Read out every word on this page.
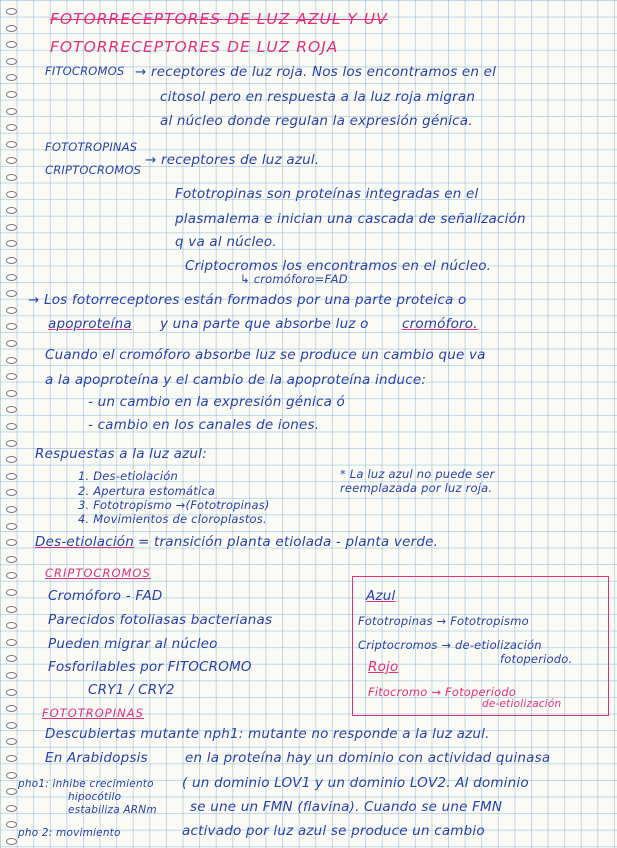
FOTORRECEPTORES DE LUZ AZUL Y UV
FOTORRECEPTORES DE LUZ ROJA
FITOCROMOS → receptores de luz roja. Nos los encontramos en el
citosol pero en respuesta a la luz roja migran
al núcleo donde regulan la expresión génica.
FOTOTROPINAS
CRIPTOCROMOS
→ receptores de luz azul.
Fototropinas son proteínas integradas en el
plasmalema e inician una cascada de señalización
q va al núcleo.
Criptocromos los encontramos en el núcleo.
↳ cromóforo=FAD
→ Los fotorreceptores están formados por una parte proteica o
apoproteína y una parte que absorbe luz o cromóforo.
Cuando el cromóforo absorbe luz se produce un cambio que va
a la apoproteína y el cambio de la apoproteína induce:
- un cambio en la expresión génica ó
- cambio en los canales de iones.
Respuestas a la luz azul:
1. Des-etiolación
2. Apertura estomática
3. Fototropismo →(Fototropinas)
4. Movimientos de cloroplastos.
* La luz azul no puede ser
reemplazada por luz roja.
Des-etiolación = transición planta etiolada - planta verde.
CRIPTOCROMOS
Cromóforo - FAD
Parecidos fotoliasas bacterianas
Pueden migrar al núcleo
Fosforilables por FITOCROMO
CRY1 / CRY2
Azul
Fototropinas → Fototropismo
Criptocromos → de-etiolización
fotoperiodo.
Rojo
Fitocromo → Fotoperiodo
de-etiolización
FOTOTROPINAS
Descubiertas mutante nph1: mutante no responde a la luz azul.
En Arabidopsis	en la proteína hay un dominio con actividad quinasa
( un dominio LOV1 y un dominio LOV2. Al dominio
se une un FMN (flavina). Cuando se une FMN
activado por luz azul se produce un cambio
pho1: inhibe crecimiento
hipocótilo
estabiliza ARNm
pho 2: movimiento
